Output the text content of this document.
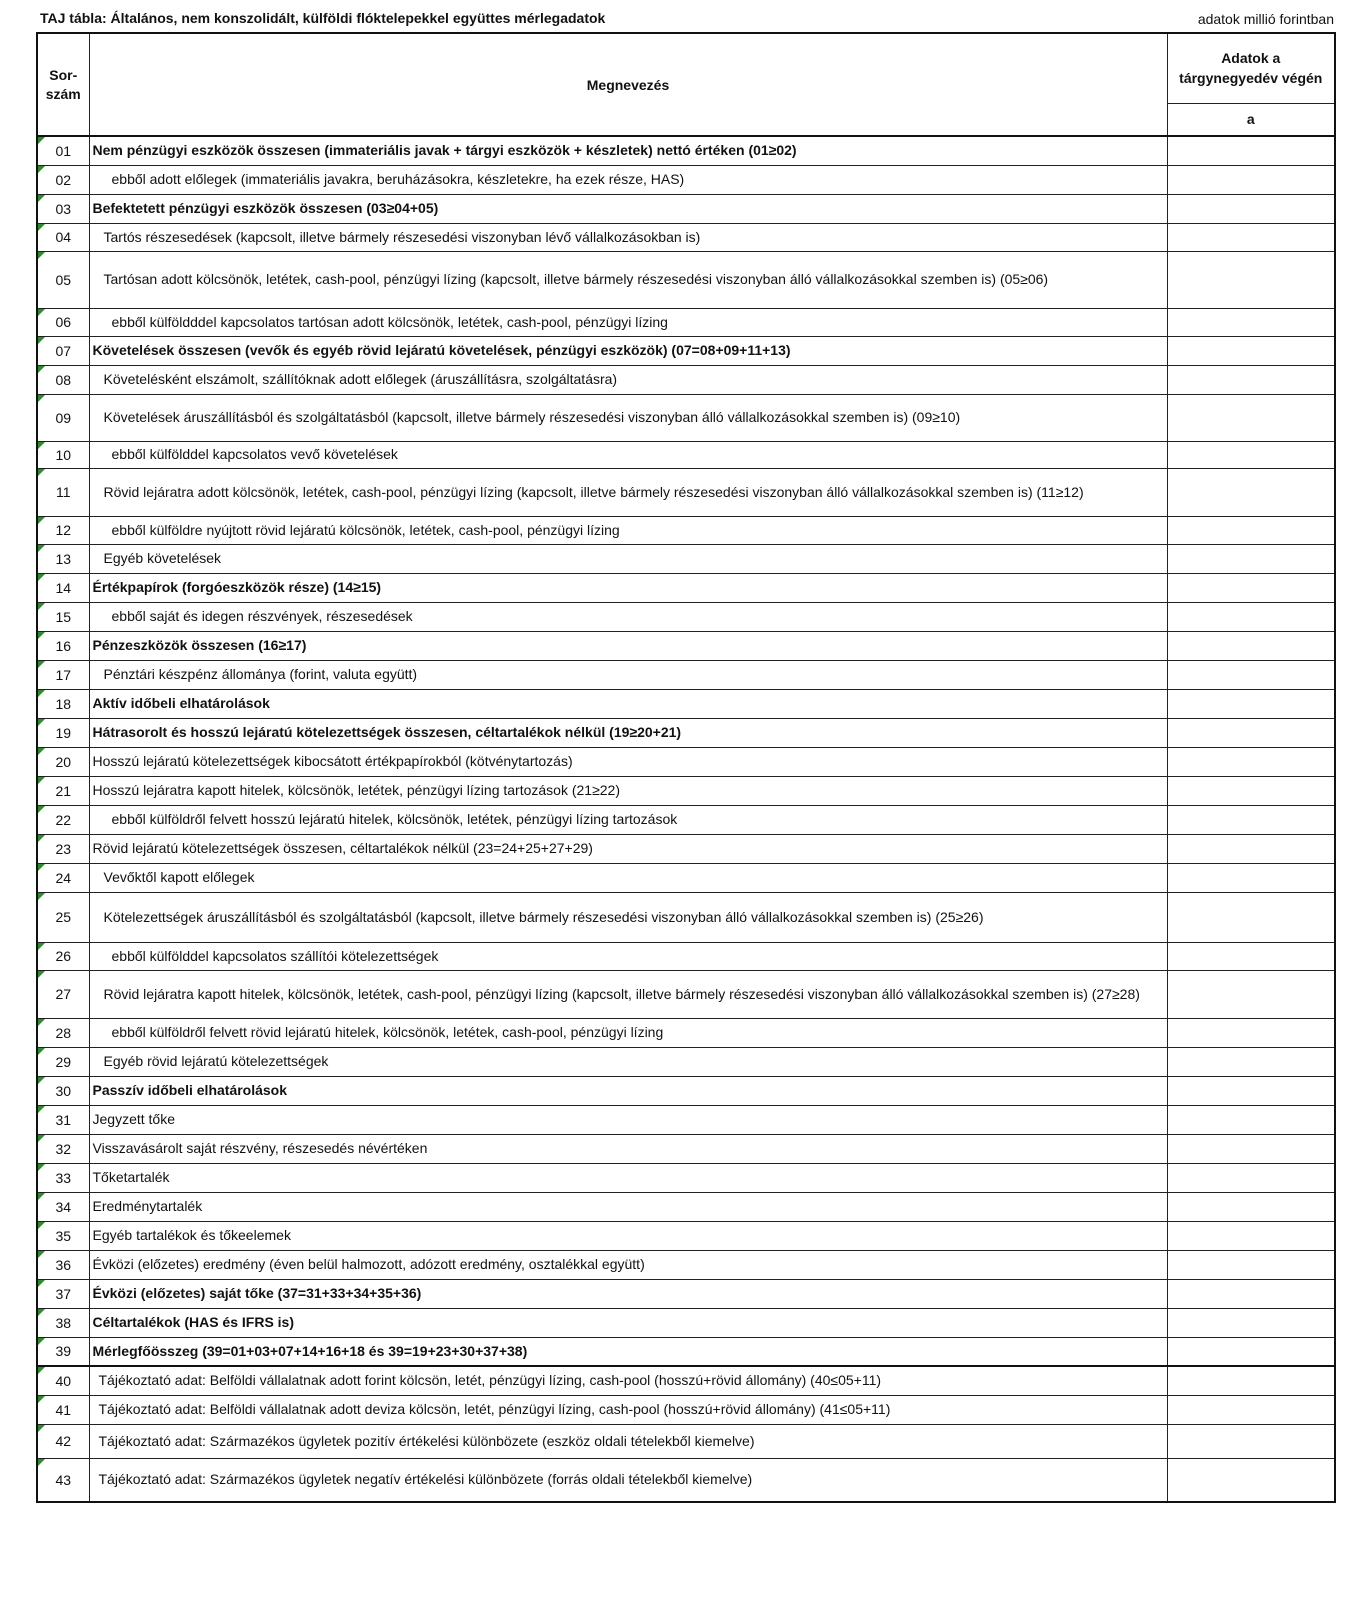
TAJ tábla: Általános, nem konszolidált, külföldi flóktelepekkel együttes mérlegadatok	adatok millió forintban
Sor-
szám	Megnevezés	Adatok a
tárgynegyedév végén
		a
01	Nem pénzügyi eszközök összesen (immateriális javak + tárgyi eszközök + készletek) nettó értéken (01≥02)	
02	ebből adott előlegek (immateriális javakra, beruházásokra, készletekre, ha ezek része, HAS)	
03	Befektetett pénzügyi eszközök összesen (03≥04+05)	
04	Tartós részesedések (kapcsolt, illetve bármely részesedési viszonyban lévő vállalkozásokban is)	
05	Tartósan adott kölcsönök, letétek, cash-pool, pénzügyi lízing (kapcsolt, illetve bármely részesedési viszonyban álló vállalkozásokkal szemben is) (05≥06)	
06	ebből külföldddel kapcsolatos tartósan adott kölcsönök, letétek, cash-pool, pénzügyi lízing	
07	Követelések összesen (vevők és egyéb rövid lejáratú követelések, pénzügyi eszközök) (07=08+09+11+13)	
08	Követelésként elszámolt, szállítóknak adott előlegek (áruszállításra, szolgáltatásra)	
09	Követelések áruszállításból és szolgáltatásból (kapcsolt, illetve bármely részesedési viszonyban álló vállalkozásokkal szemben is) (09≥10)	
10	ebből külfölddel kapcsolatos vevő követelések	
11	Rövid lejáratra adott kölcsönök, letétek, cash-pool, pénzügyi lízing (kapcsolt, illetve bármely részesedési viszonyban álló vállalkozásokkal szemben is) (11≥12)	
12	ebből külföldre nyújtott rövid lejáratú kölcsönök, letétek, cash-pool, pénzügyi lízing	
13	Egyéb követelések	
14	Értékpapírok (forgóeszközök része) (14≥15)	
15	ebből saját és idegen részvények, részesedések	
16	Pénzeszközök összesen (16≥17)	
17	Pénztári készpénz állománya (forint, valuta együtt)	
18	Aktív időbeli elhatárolások	
19	Hátrasorolt és hosszú lejáratú kötelezettségek összesen, céltartalékok nélkül (19≥20+21)	
20	Hosszú lejáratú kötelezettségek kibocsátott értékpapírokból (kötvénytartozás)	
21	Hosszú lejáratra kapott hitelek, kölcsönök, letétek, pénzügyi lízing tartozások (21≥22)	
22	ebből külföldről felvett hosszú lejáratú hitelek, kölcsönök, letétek, pénzügyi lízing tartozások	
23	Rövid lejáratú kötelezettségek összesen, céltartalékok nélkül (23=24+25+27+29)	
24	Vevőktől kapott előlegek	
25	Kötelezettségek áruszállításból és szolgáltatásból (kapcsolt, illetve bármely részesedési viszonyban álló vállalkozásokkal szemben is) (25≥26)	
26	ebből külfölddel kapcsolatos szállítói kötelezettségek	
27	Rövid lejáratra kapott hitelek, kölcsönök, letétek, cash-pool, pénzügyi lízing (kapcsolt, illetve bármely részesedési viszonyban álló vállalkozásokkal szemben is) (27≥28)	
28	ebből külföldről felvett rövid lejáratú hitelek, kölcsönök, letétek, cash-pool, pénzügyi lízing	
29	Egyéb rövid lejáratú kötelezettségek	
30	Passzív időbeli elhatárolások	
31	Jegyzett tőke	
32	Visszavásárolt saját részvény, részesedés névértéken	
33	Tőketartalék	
34	Eredménytartalék	
35	Egyéb tartalékok és tőkeelemek	
36	Évközi (előzetes) eredmény (éven belül halmozott, adózott eredmény, osztalékkal együtt)	
37	Évközi (előzetes) saját tőke (37=31+33+34+35+36)	
38	Céltartalékok (HAS és IFRS is)	
39	Mérlegfőösszeg (39=01+03+07+14+16+18 és 39=19+23+30+37+38)	
40	Tájékoztató adat: Belföldi vállalatnak adott forint kölcsön, letét, pénzügyi lízing, cash-pool (hosszú+rövid állomány) (40≤05+11)	
41	Tájékoztató adat: Belföldi vállalatnak adott deviza kölcsön, letét, pénzügyi lízing, cash-pool (hosszú+rövid állomány) (41≤05+11)	
42	Tájékoztató adat: Származékos ügyletek pozitív értékelési különbözete (eszköz oldali tételekből kiemelve)	
43	Tájékoztató adat: Származékos ügyletek negatív értékelési különbözete (forrás oldali tételekből kiemelve)	
